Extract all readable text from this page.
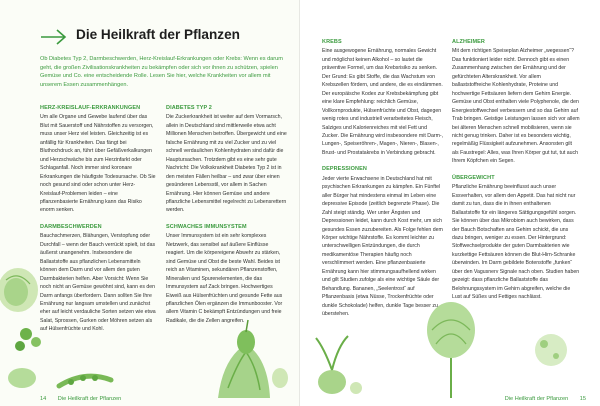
Die Heilkraft der Pflanzen

Ob Diabetes Typ 2, Darmbeschwerden, Herz-Kreislauf-Erkrankungen oder Krebs: Wenn es darum geht, die großen Zivilisationskrankheiten zu bekämpfen oder sich vor ihnen zu schützen, spielen Gemüse und Co. eine entscheidende Rolle. Lesen Sie hier, welche Krankheiten vor allem mit unserem Essen zusammenhängen.

HERZ-KREISLAUF-ERKRANKUNGEN

Um alle Organe und Gewebe laufend über das Blut mit Sauerstoff und Nährstoffen zu versorgen, muss unser Herz viel leisten. Gleichzeitig ist es anfällig für Krankheiten. Das fängt bei Bluthochdruck an, führt über Gefäßverkalkungen und Herzschwäche bis zum Herzinfarkt oder Schlaganfall. Noch immer sind koronare Erkrankungen die häufigste Todesursache. Ob Sie noch gesund sind oder schon unter Herz-Kreislauf-Problemen leiden – eine pflanzenbasierte Ernährung kann das Risiko enorm senken.

DARMBESCHWERDEN

Bauchschmerzen, Blähungen, Verstopfung oder Durchfall – wenn der Bauch verrückt spielt, ist das äußerst unangenehm. Insbesondere die Ballaststoffe aus pflanzlichen Lebensmitteln können dem Darm und vor allem den guten Darmbakterien helfen. Aber Vorsicht: Wenn Sie noch nicht an Gemüse gewöhnt sind, kann es den Darm anfangs überfordern. Dann sollten Sie Ihre Ernährung nur langsam umstellen und zunächst eher auf leicht verdauliche Sorten setzen wie etwa Salat, Sprossen, Gurken oder Möhren setzen als auf Hülsenfrüchte und Kohl.

DIABETES TYP 2

Die Zuckerkrankheit ist weiter auf dem Vormarsch, allein in Deutschland sind mittlerweile etwa acht Millionen Menschen betroffen. Übergewicht und eine falsche Ernährung mit zu viel Zucker und zu viel schnell verdaulichen Kohlenhydraten sind dafür die Hauptursachen. Trotzdem gibt es eine sehr gute Nachricht: Die Volkskrankheit Diabetes Typ 2 ist in den meisten Fällen heilbar – und zwar über einen gesünderen Lebensstil, vor allem in Sachen Ernährung. Hier können Gemüse und andere pflanzliche Lebensmittel regelrecht zu Lebensrettern werden.

SCHWACHES IMMUNSYSTEM

Unser Immunsystem ist ein sehr komplexes Netzwerk, das sensibel auf äußere Einflüsse reagiert. Um die körpereigene Abwehr zu stärken, sind Gemüse und Obst die beste Wahl. Beides ist reich an Vitaminen, sekundären Pflanzenstoffen, Mineralien und Spurenelementen, die das Immunsystem auf Zack bringen. Hochwertiges Eiweiß aus Hülsenfrüchten und gesunde Fette aus pflanzlichen Ölen ergänzen die Immunbooster. Vor allem Vitamin C bekämpft Entzündungen und freie Radikale, die die Zellen angreifen.

14 Die Heilkraft der Pflanzen
KREBS

Eine ausgewogene Ernährung, normales Gewicht und möglichst keinen Alkohol – so lautet die präventive Formel, um das Krebsrisiko zu senken. Der Grund: Es gibt Stoffe, die das Wachstum von Krebszellen fördern, und andere, die es eindämmen. Der europäische Kodex zur Krebsbekämpfung gibt eine klare Empfehlung: reichlich Gemüse, Vollkornprodukte, Hülsenfrüchte und Obst, dagegen wenig rotes und industriell verarbeitetes Fleisch, Salziges und Kalorienreiches mit viel Fett und Zucker. Die Ernährung wird insbesondere mit Darm-, Lungen-, Speiseröhren-, Magen-, Nieren-, Blasen-, Brust- und Prostatakrebs in Verbindung gebracht.

DEPRESSIONEN

Jeder vierte Erwachsene in Deutschland hat mit psychischen Erkrankungen zu kämpfen. Ein Fünftel aller Bürger hat mindestens einmal im Leben eine depressive Episode (zeitlich begrenzte Phase). Die Zahl steigt ständig. Wer unter Ängsten und Depressionen leidet, kann durch Kost mehr, um sich gesundes Essen zuzubereiten. Als Folge fehlen dem Körper wichtige Nährstoffe. Es kommt leichter zu unterschwelligen Entzündungen, die durch medikamentöse Therapien häufig noch verschlimmert werden. Eine pflanzenbasierte Ernährung kann hier stimmungsaufhellend wirken und gilt Studien zufolge als eine wichtige Säule der Behandlung. Bananen, „Seelentrost“ auf Pflanzenbasis (etwa Nüsse, Trockenfrüchte oder dunkle Schokolade) helfen, dunkle Tage besser zu überstehen.

ALZHEIMER

Mit dem richtigen Speiseplan Alzheimer „wegessen“? Das funktioniert leider nicht. Dennoch gibt es einen Zusammenhang zwischen der Ernährung und der gefürchteten Alterskrankheit. Vor allem ballaststoffreiche Kohlenhydrate, Proteine und hochwertige Fettsäuren liefern dem Gehirn Energie. Gemüse und Obst enthalten viele Polyphenole, die den Energiestoffwechsel verbessern und so das Gehirn auf Trab bringen. Geistige Leistungen lassen sich vor allem bei älteren Menschen schnell mobilisieren, wenn sie nicht genug trinken. Daher ist es besonders wichtig, regelmäßig Flüssigkeit aufzunehmen. Ansonsten gilt als Faustregel: Alles, was Ihren Körper gut tut, tut auch Ihrem Köpfchen ein Segen.

ÜBERGEWICHT

Pflanzliche Ernährung beeinflusst auch unser Essverhalten, vor allem den Appetit. Das hat nicht nur damit zu tun, dass die in ihnen enthaltenen Ballaststoffe für ein längeres Sättigungsgefühl sorgen. Sie können über das Mikrobiom auch bewirken, dass der Bauch Botschaften ans Gehirn schickt, die uns dazu bringen, weniger zu essen. Der Hintergrund: Stoffwechselprodukte der guten Darmbakterien wie kurzkettige Fettsäuren können die Blut-Hirn-Schranke überwinden. Im Darm gebildete Botenstoffe „funken“ über den Vagusnerv Signale nach oben. Studien haben gezeigt: dass pflanzliche Ballaststoffe das Belohnungssystem im Gehirn abgreifen, welche die Lust auf Süßes und Fettiges nachlässt.

Die Heilkraft der Pflanzen 15
